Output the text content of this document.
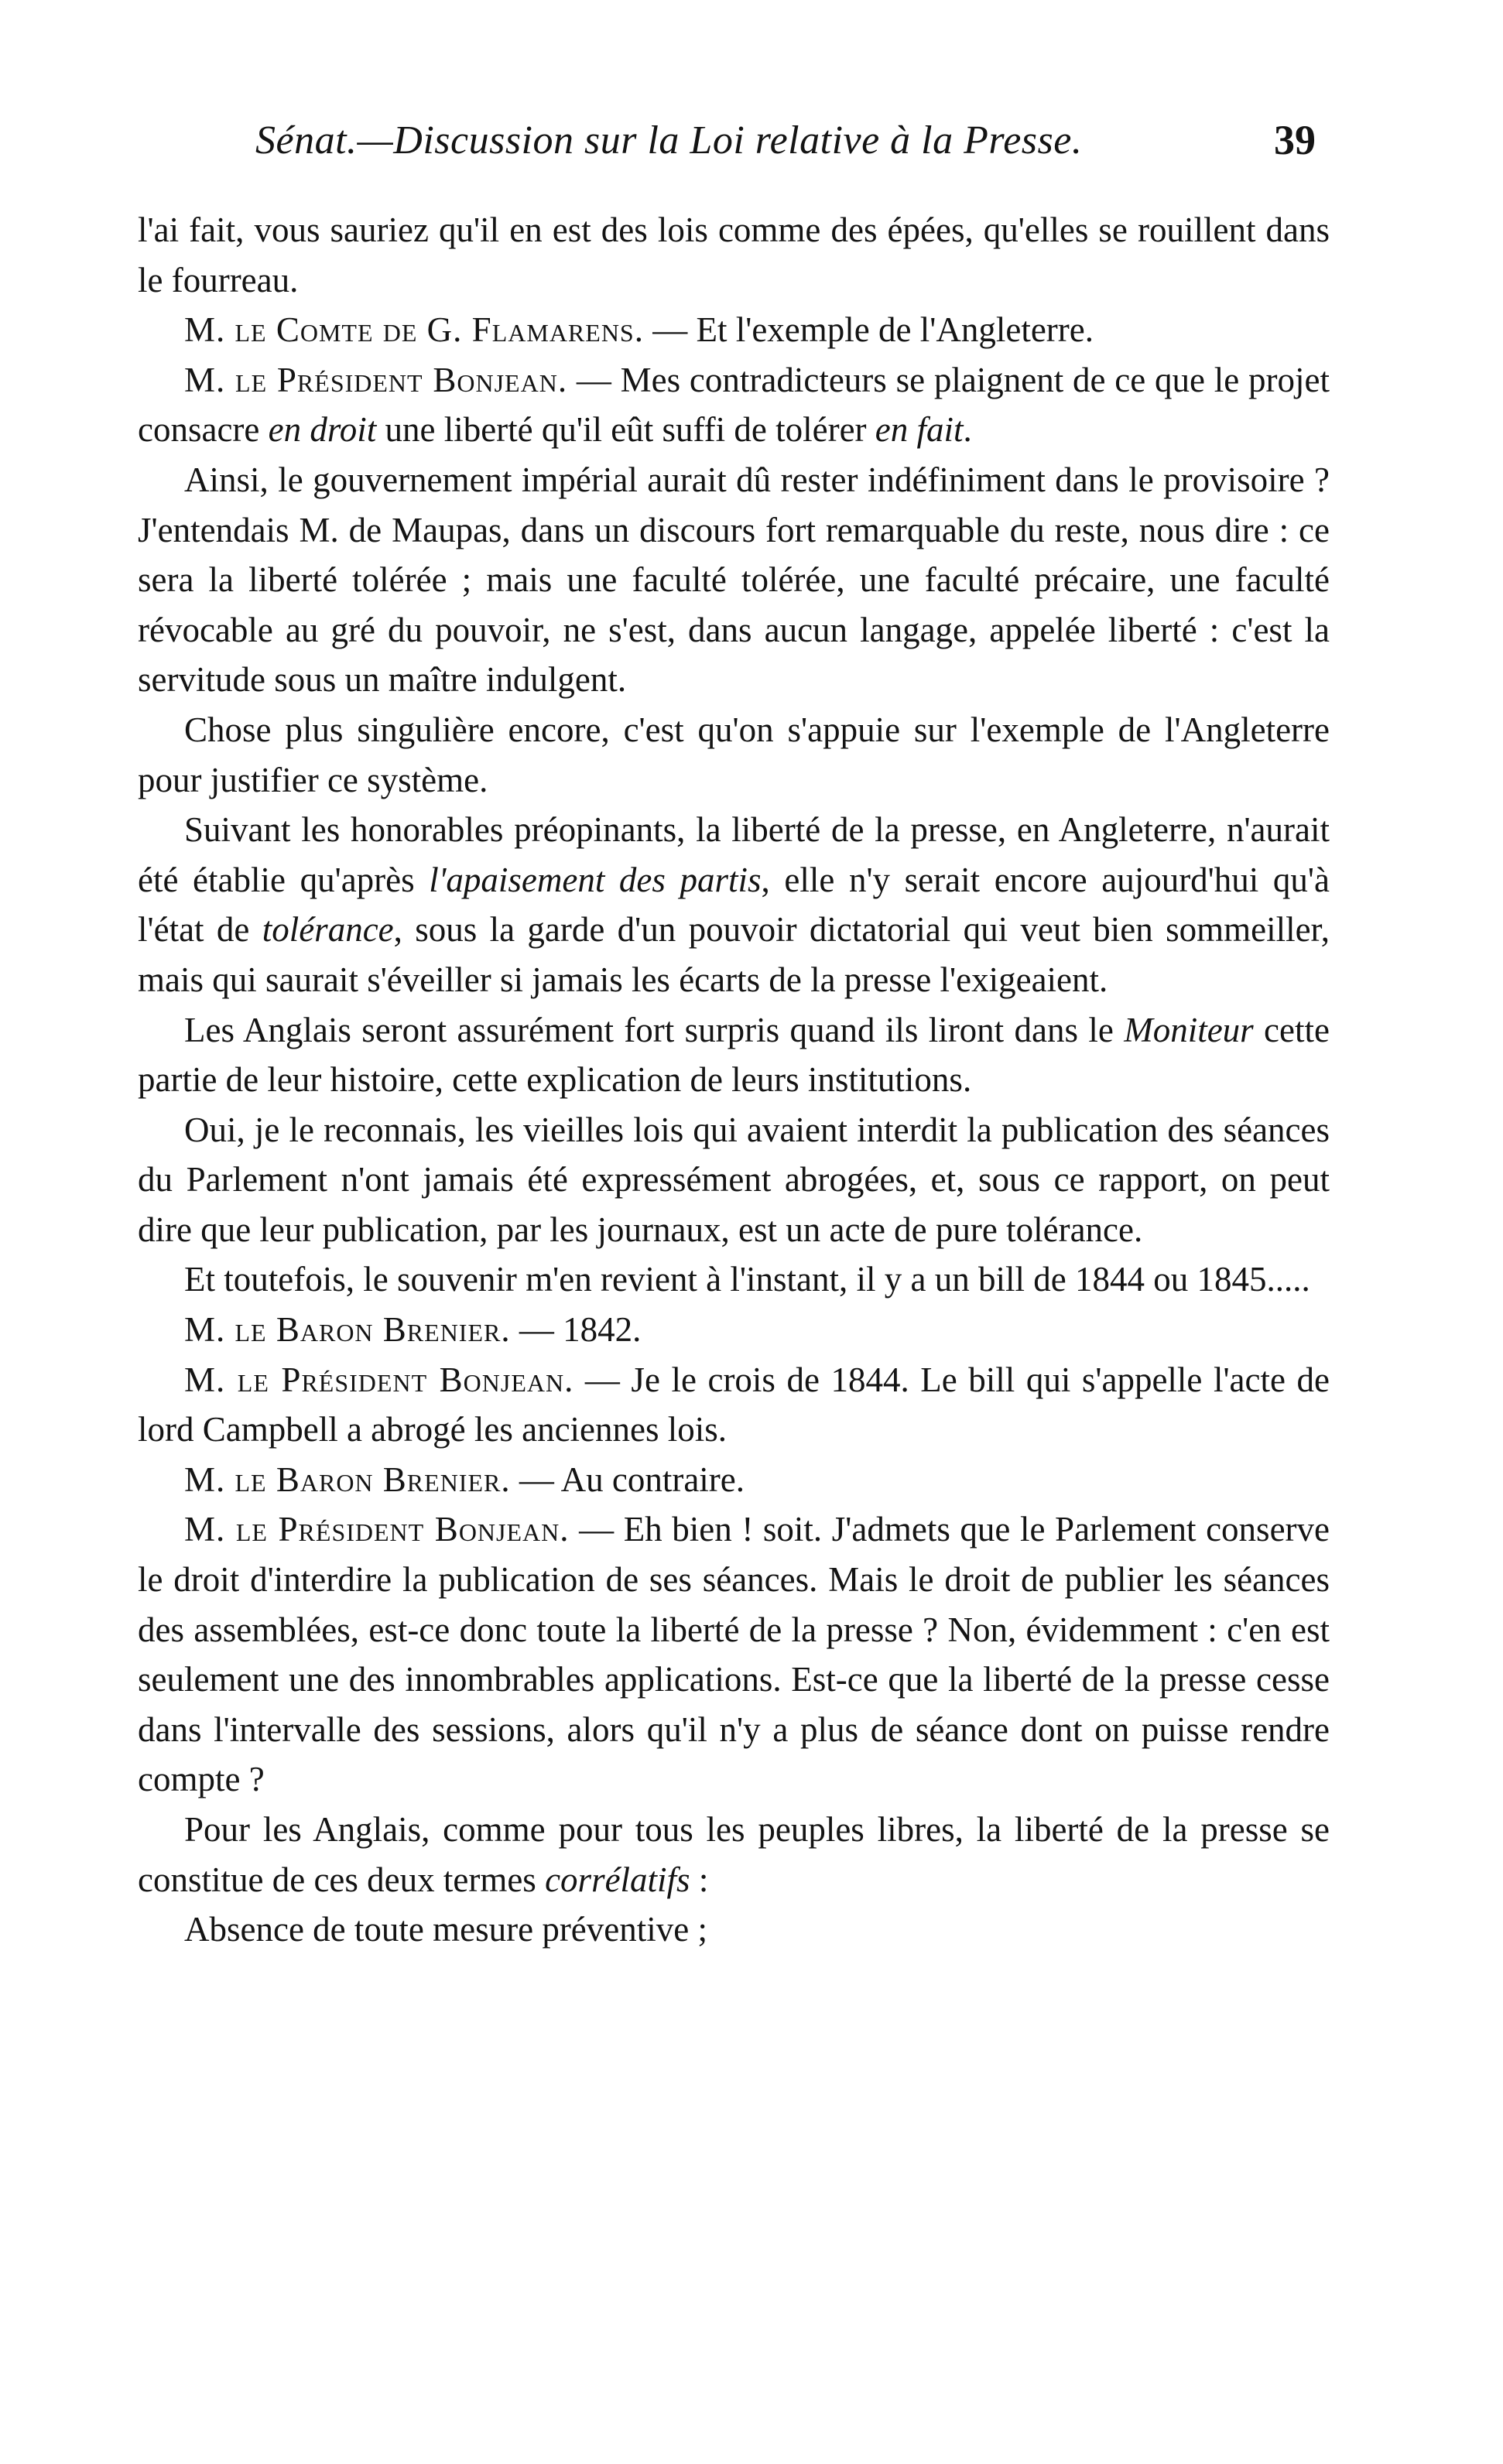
Sénat.—Discussion sur la Loi relative à la Presse.	39

l'ai fait, vous sauriez qu'il en est des lois comme des épées, qu'elles se rouillent dans le fourreau.

M. le Comte de G. Flamarens. — Et l'exemple de l'Angleterre.

M. le Président Bonjean. — Mes contradicteurs se plaignent de ce que le projet consacre en droit une liberté qu'il eût suffi de tolérer en fait.

Ainsi, le gouvernement impérial aurait dû rester indéfiniment dans le provisoire ? J'entendais M. de Maupas, dans un discours fort remarquable du reste, nous dire : ce sera la liberté tolérée ; mais une faculté tolérée, une faculté précaire, une faculté révocable au gré du pouvoir, ne s'est, dans aucun langage, appelée liberté : c'est la servitude sous un maître indulgent.

Chose plus singulière encore, c'est qu'on s'appuie sur l'exemple de l'Angleterre pour justifier ce système.

Suivant les honorables préopinants, la liberté de la presse, en Angleterre, n'aurait été établie qu'après l'apaisement des partis, elle n'y serait encore aujourd'hui qu'à l'état de tolérance, sous la garde d'un pouvoir dictatorial qui veut bien sommeiller, mais qui saurait s'éveiller si jamais les écarts de la presse l'exigeaient.

Les Anglais seront assurément fort surpris quand ils liront dans le Moniteur cette partie de leur histoire, cette explication de leurs institutions.

Oui, je le reconnais, les vieilles lois qui avaient interdit la publication des séances du Parlement n'ont jamais été expressément abrogées, et, sous ce rapport, on peut dire que leur publication, par les journaux, est un acte de pure tolérance.

Et toutefois, le souvenir m'en revient à l'instant, il y a un bill de 1844 ou 1845.....

M. le Baron Brenier. — 1842.

M. le Président Bonjean. — Je le crois de 1844. Le bill qui s'appelle l'acte de lord Campbell a abrogé les anciennes lois.

M. le Baron Brenier. — Au contraire.

M. le Président Bonjean. — Eh bien ! soit. J'admets que le Parlement conserve le droit d'interdire la publication de ses séances. Mais le droit de publier les séances des assemblées, est-ce donc toute la liberté de la presse ? Non, évidemment : c'en est seulement une des innombrables applications. Est-ce que la liberté de la presse cesse dans l'intervalle des sessions, alors qu'il n'y a plus de séance dont on puisse rendre compte ?

Pour les Anglais, comme pour tous les peuples libres, la liberté de la presse se constitue de ces deux termes corrélatifs :

Absence de toute mesure préventive ;
